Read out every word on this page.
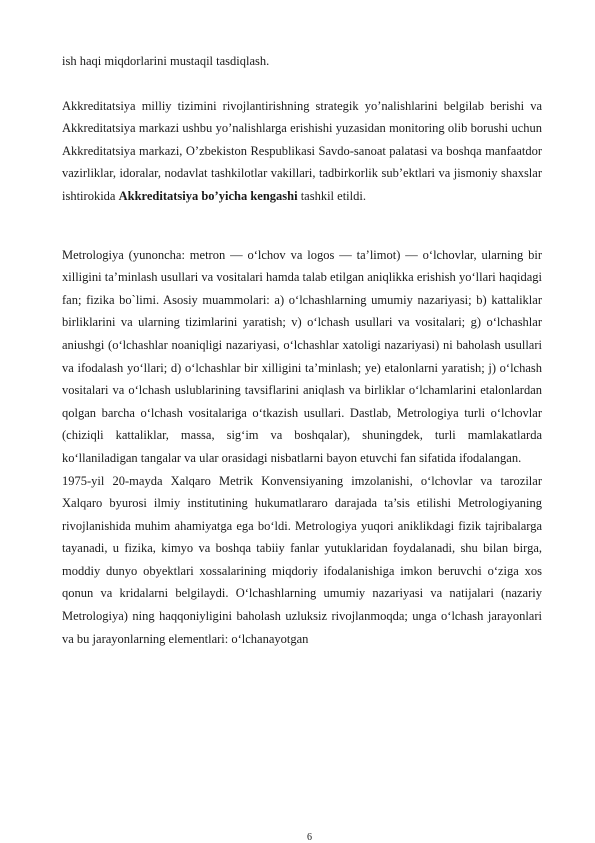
ish haqi miqdorlarini mustaqil tasdiqlash.

Akkreditatsiya milliy tizimini rivojlantirishning strategik yo’nalishlarini belgilab berishi va Akkreditatsiya markazi ushbu yo’nalishlarga erishishi yuzasidan monitoring olib borushi uchun Akkreditatsiya markazi, O’zbekiston Respublikasi Savdo-sanoat palatasi va boshqa manfaatdor vazirliklar, idoralar, nodavlat tashkilotlar vakillari, tadbirkorlik sub’ektlari va jismoniy shaxslar ishtirokida Akkreditatsiya bo’yicha kengashi tashkil etildi.

Metrologiya (yunoncha: metron — o‘lchov va logos — ta’limot) — o‘lchovlar, ularning bir xilligini ta’minlash usullari va vositalari hamda talab etilgan aniqlikka erishish yo‘llari haqidagi fan; fizika bo`limi. Asosiy muammolari: a) o‘lchashlarning umumiy nazariyasi; b) kattaliklar birliklarini va ularning tizimlarini yaratish; v) o‘lchash usullari va vositalari; g) o‘lchashlar aniushgi (o‘lchashlar noaniqligi nazariyasi, o‘lchashlar xatoligi nazariyasi) ni baholash usullari va ifodalash yo‘llari; d) o‘lchashlar bir xilligini ta’minlash; ye) etalonlarni yaratish; j) o‘lchash vositalari va o‘lchash uslublarining tavsiflarini aniqlash va birliklar o‘lchamlarini etalonlardan qolgan barcha o‘lchash vositalariga o‘tkazish usullari. Dastlab, Metrologiya turli o‘lchovlar (chiziqli kattaliklar, massa, sig‘im va boshqalar), shuningdek, turli mamlakatlarda ko‘llaniladigan tangalar va ular orasidagi nisbatlarni bayon etuvchi fan sifatida ifodalangan.

1975-yil 20-mayda Xalqaro Metrik Konvensiyaning imzolanishi, o‘lchovlar va tarozilar Xalqaro byurosi ilmiy institutining hukumatlararo darajada ta’sis etilishi Metrologiyaning rivojlanishida muhim ahamiyatga ega bo‘ldi. Metrologiya yuqori aniklikdagi fizik tajribalarga tayanadi, u fizika, kimyo va boshqa tabiiy fanlar yutuklaridan foydalanadi, shu bilan birga, moddiy dunyo obyektlari xossalarining miqdoriy ifodalanishiga imkon beruvchi o‘ziga xos qonun va kridalarni belgilaydi. O‘lchashlarning umumiy nazariyasi va natijalari (nazariy Metrologiya) ning haqqoniyligini baholash uzluksiz rivojlanmoqda; unga o‘lchash jarayonlari va bu jarayonlarning elementlari: o‘lchanayotgan

6
